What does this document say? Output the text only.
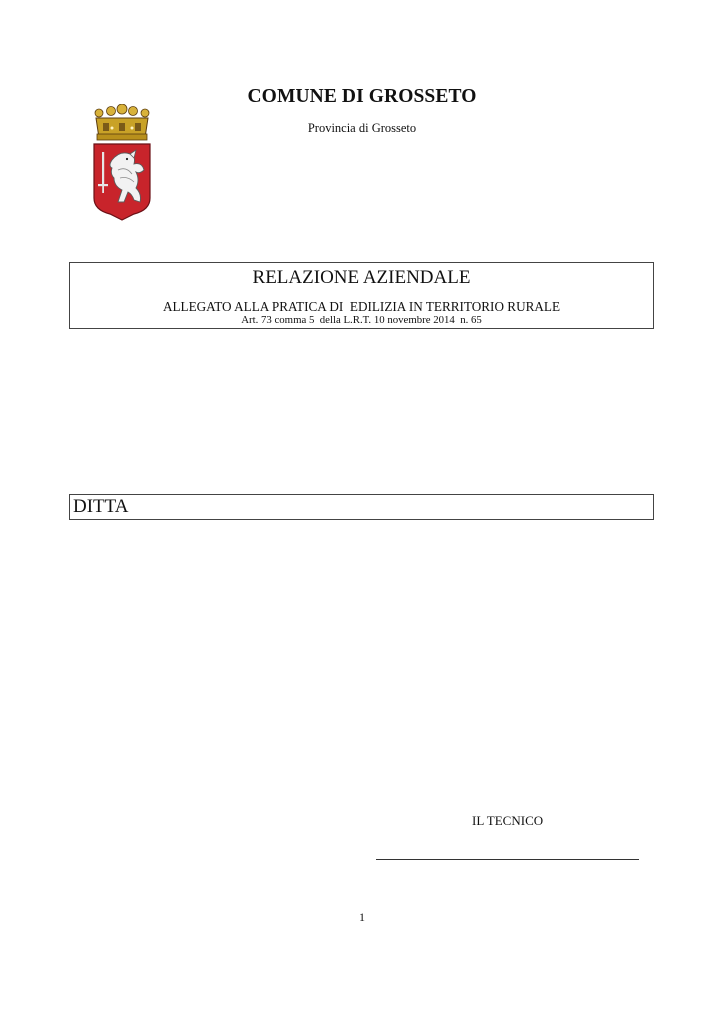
COMUNE DI GROSSETO
Provincia di Grosseto
RELAZIONE AZIENDALE
ALLEGATO ALLA PRATICA DI  EDILIZIA IN TERRITORIO RURALE
Art. 73 comma 5  della L.R.T. 10 novembre 2014  n. 65
DITTA
IL TECNICO
1
